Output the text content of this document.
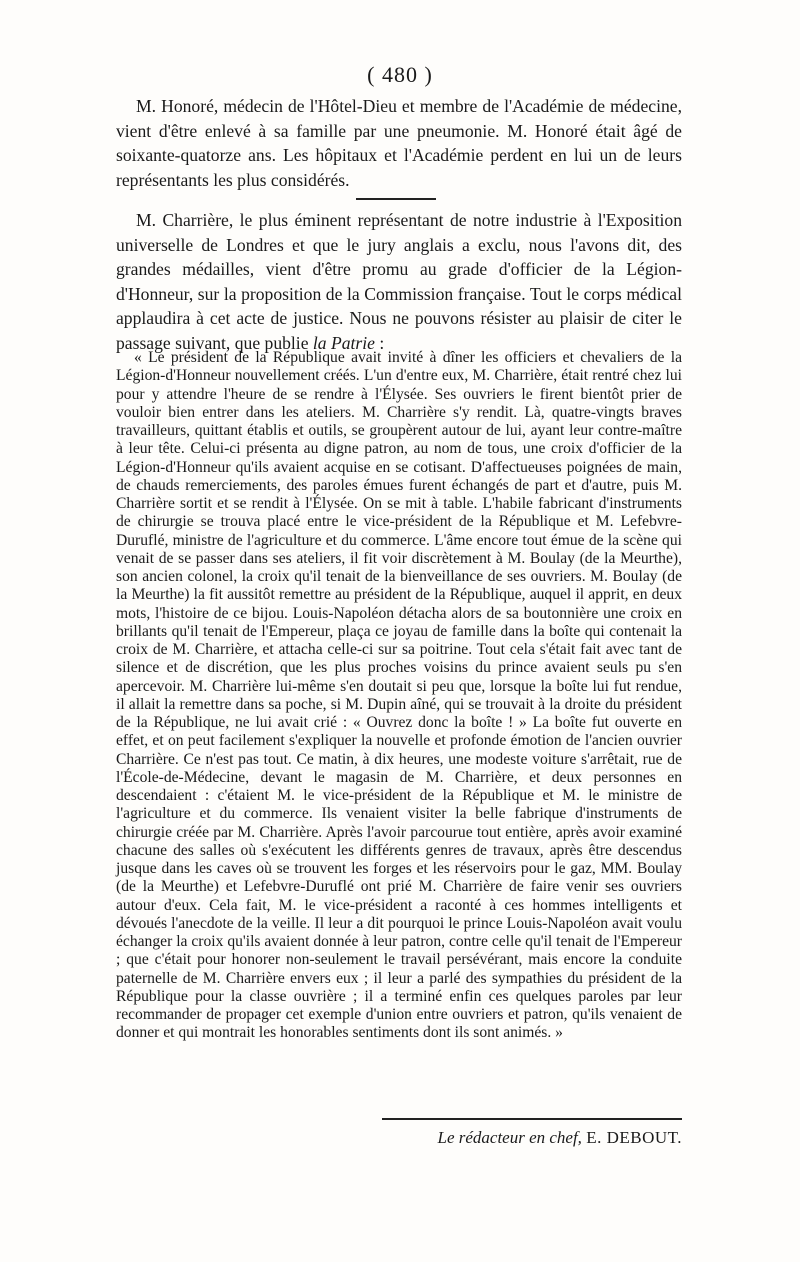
( 480 )

M. Honoré, médecin de l'Hôtel-Dieu et membre de l'Académie de médecine, vient d'être enlevé à sa famille par une pneumonie. M. Honoré était âgé de soixante-quatorze ans. Les hôpitaux et l'Académie perdent en lui un de leurs représentants les plus considérés.

M. Charrière, le plus éminent représentant de notre industrie à l'Exposition universelle de Londres et que le jury anglais a exclu, nous l'avons dit, des grandes médailles, vient d'être promu au grade d'officier de la Légion-d'Honneur, sur la proposition de la Commission française. Tout le corps médical applaudira à cet acte de justice. Nous ne pouvons résister au plaisir de citer le passage suivant, que publie la Patrie :

« Le président de la République avait invité à dîner les officiers et chevaliers de la Légion-d'Honneur nouvellement créés. L'un d'entre eux, M. Charrière, était rentré chez lui pour y attendre l'heure de se rendre à l'Élysée. Ses ouvriers le firent bientôt prier de vouloir bien entrer dans les ateliers. M. Charrière s'y rendit. Là, quatre-vingts braves travailleurs, quittant établis et outils, se groupèrent autour de lui, ayant leur contre-maître à leur tête. Celui-ci présenta au digne patron, au nom de tous, une croix d'officier de la Légion-d'Honneur qu'ils avaient acquise en se cotisant. D'affectueuses poignées de main, de chauds remerciements, des paroles émues furent échangés de part et d'autre, puis M. Charrière sortit et se rendit à l'Élysée. On se mit à table. L'habile fabricant d'instruments de chirurgie se trouva placé entre le vice-président de la République et M. Lefebvre-Duruflé, ministre de l'agriculture et du commerce. L'âme encore tout émue de la scène qui venait de se passer dans ses ateliers, il fit voir discrètement à M. Boulay (de la Meurthe), son ancien colonel, la croix qu'il tenait de la bienveillance de ses ouvriers. M. Boulay (de la Meurthe) la fit aussitôt remettre au président de la République, auquel il apprit, en deux mots, l'histoire de ce bijou. Louis-Napoléon détacha alors de sa boutonnière une croix en brillants qu'il tenait de l'Empereur, plaça ce joyau de famille dans la boîte qui contenait la croix de M. Charrière, et attacha celle-ci sur sa poitrine. Tout cela s'était fait avec tant de silence et de discrétion, que les plus proches voisins du prince avaient seuls pu s'en apercevoir. M. Charrière lui-même s'en doutait si peu que, lorsque la boîte lui fut rendue, il allait la remettre dans sa poche, si M. Dupin aîné, qui se trouvait à la droite du président de la République, ne lui avait crié : « Ouvrez donc la boîte ! » La boîte fut ouverte en effet, et on peut facilement s'expliquer la nouvelle et profonde émotion de l'ancien ouvrier Charrière. Ce n'est pas tout. Ce matin, à dix heures, une modeste voiture s'arrêtait, rue de l'École-de-Médecine, devant le magasin de M. Charrière, et deux personnes en descendaient : c'étaient M. le vice-président de la République et M. le ministre de l'agriculture et du commerce. Ils venaient visiter la belle fabrique d'instruments de chirurgie créée par M. Charrière. Après l'avoir parcourue tout entière, après avoir examiné chacune des salles où s'exécutent les différents genres de travaux, après être descendus jusque dans les caves où se trouvent les forges et les réservoirs pour le gaz, MM. Boulay (de la Meurthe) et Lefebvre-Duruflé ont prié M. Charrière de faire venir ses ouvriers autour d'eux. Cela fait, M. le vice-président a raconté à ces hommes intelligents et dévoués l'anecdote de la veille. Il leur a dit pourquoi le prince Louis-Napoléon avait voulu échanger la croix qu'ils avaient donnée à leur patron, contre celle qu'il tenait de l'Empereur ; que c'était pour honorer non-seulement le travail persévérant, mais encore la conduite paternelle de M. Charrière envers eux ; il leur a parlé des sympathies du président de la République pour la classe ouvrière ; il a terminé enfin ces quelques paroles par leur recommander de propager cet exemple d'union entre ouvriers et patron, qu'ils venaient de donner et qui montrait les honorables sentiments dont ils sont animés. »

Le rédacteur en chef, E. DEBOUT.
